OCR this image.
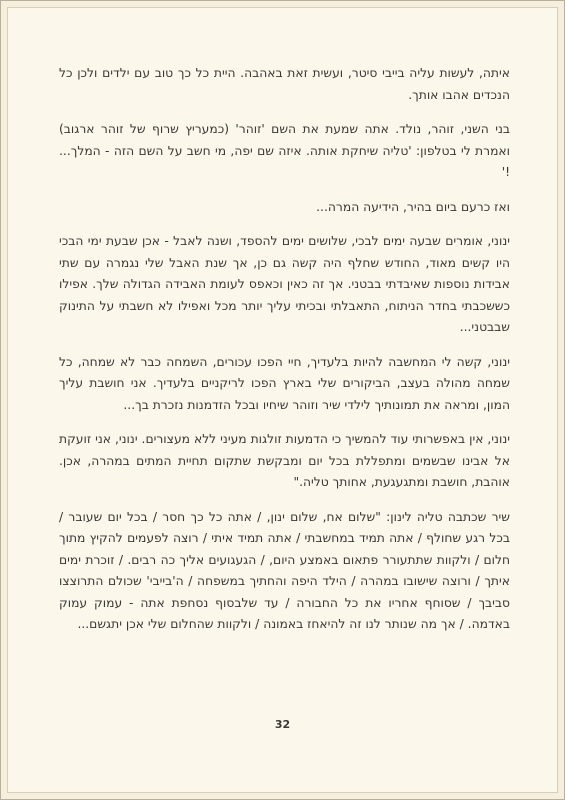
איתה, לעשות עליה בייבי סיטר, ועשית זאת באהבה. היית כל כך טוב עם ילדים ולכן כל הנכדים אהבו אותך.

בני השני, זוהר, נולד. אתה שמעת את השם 'זוהר' (כמעריץ שרוף של זוהר ארגוב) ואמרת לי בטלפון: 'טליה שיחקת אותה. איזה שם יפה, מי חשב על השם הזה - המלך... !'

ואז כרעם ביום בהיר, הידיעה המרה...

ינוני, אומרים שבעה ימים לבכי, שלושים ימים להספד, ושנה לאבל - אכן שבעת ימי הבכי היו קשים מאוד, החודש שחלף היה קשה גם כן, אך שנת האבל שלי נגמרה עם שתי אבידות נוספות שאיבדתי בבטני. אך זה כאין וכאפס לעומת האבידה הגדולה שלך. אפילו כששכבתי בחדר הניתוח, התאבלתי ובכיתי עליך יותר מכל ואפילו לא חשבתי על התינוק שבבטני...

ינוני, קשה לי המחשבה להיות בלעדיך, חיי הפכו עכורים, השמחה כבר לא שמחה, כל שמחה מהולה בעצב, הביקורים שלי בארץ הפכו לריקניים בלעדיך. אני חושבת עליך המון, ומראה את תמונותיך לילדי שיר וזוהר שיחיו ובכל הזדמנות נזכרת בך...

ינוני, אין באפשרותי עוד להמשיך כי הדמעות זולגות מעיני ללא מעצורים. ינוני, אני זועקת אל אבינו שבשמים ומתפללת בכל יום ומבקשת שתקום תחיית המתים במהרה, אכן. אוהבת, חושבת ומתגעגעת, אחותך טליה."

שיר שכתבה טליה לינון: "שלום אח, שלום ינון, / אתה כל כך חסר / בכל יום שעובר / בכל רגע שחולף / אתה תמיד במחשבתי / אתה תמיד איתי / רוצה לפעמים להקיץ מתוך חלום / ולקוות שתתעורר פתאום באמצע היום, / הגעגועים אליך כה רבים. / זוכרת ימים איתך / ורוצה שישובו במהרה / הילד היפה והחתיך במשפחה / ה'בייבי' שכולם התרוצצו סביבך / שסוחף אחריו את כל החבורה / עד שלבסוף נסחפת אתה - עמוק עמוק באדמה. / אך מה שנותר לנו זה להיאחז באמונה / ולקוות שהחלום שלי אכן יתגשם...

32
